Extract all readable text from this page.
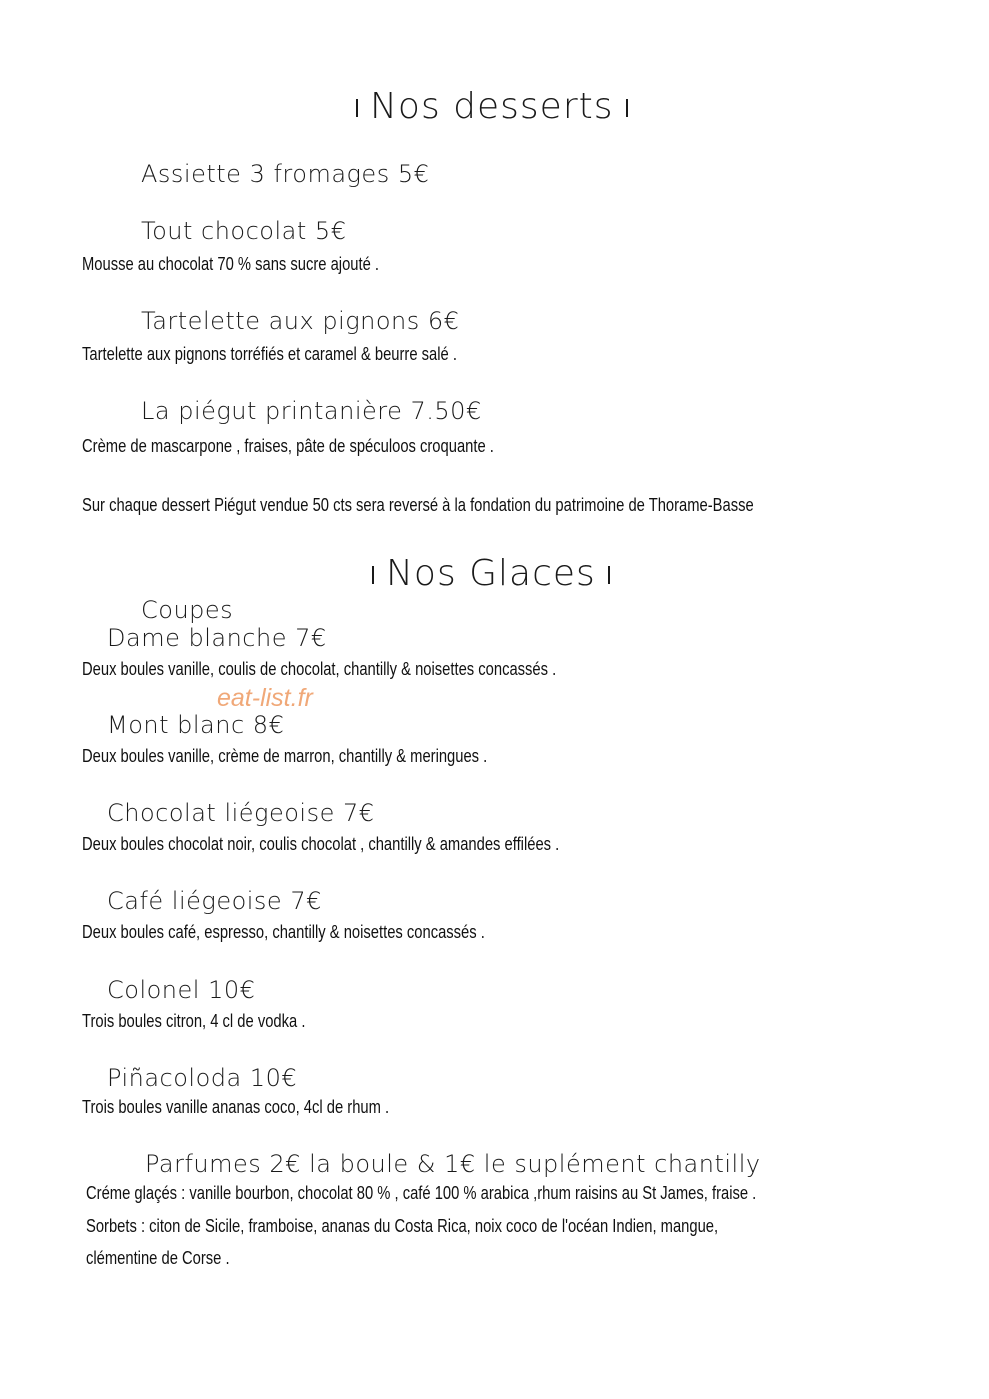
Nos desserts
Assiette 3 fromages 5€
Tout chocolat 5€
Mousse au chocolat 70 % sans sucre ajouté .
Tartelette aux pignons 6€
Tartelette aux pignons torréfiés et caramel & beurre salé .
La piégut printanière 7.50€
Crème de mascarpone , fraises, pâte de spéculoos croquante .
Sur chaque dessert Piégut vendue 50 cts sera reversé à la fondation du patrimoine de Thorame-Basse
Nos Glaces
Coupes
Dame blanche 7€
Deux boules vanille, coulis de chocolat, chantilly & noisettes concassés .
eat-list.fr
Mont blanc 8€
Deux boules vanille, crème de marron, chantilly & meringues .
Chocolat liégeoise 7€
Deux boules chocolat noir, coulis chocolat , chantilly & amandes effilées .
Café liégeoise 7€
Deux boules café, espresso, chantilly & noisettes concassés .
Colonel 10€
Trois boules citron, 4 cl de vodka .
Piñacoloda 10€
Trois boules vanille ananas coco, 4cl de rhum .
Parfumes 2€ la boule & 1€ le suplément chantilly
Créme glaçés : vanille bourbon, chocolat 80 % , café 100 % arabica ,rhum raisins au St James, fraise .
Sorbets : citon de Sicile, framboise, ananas du Costa Rica, noix coco de l'océan Indien, mangue,
clémentine de Corse .
